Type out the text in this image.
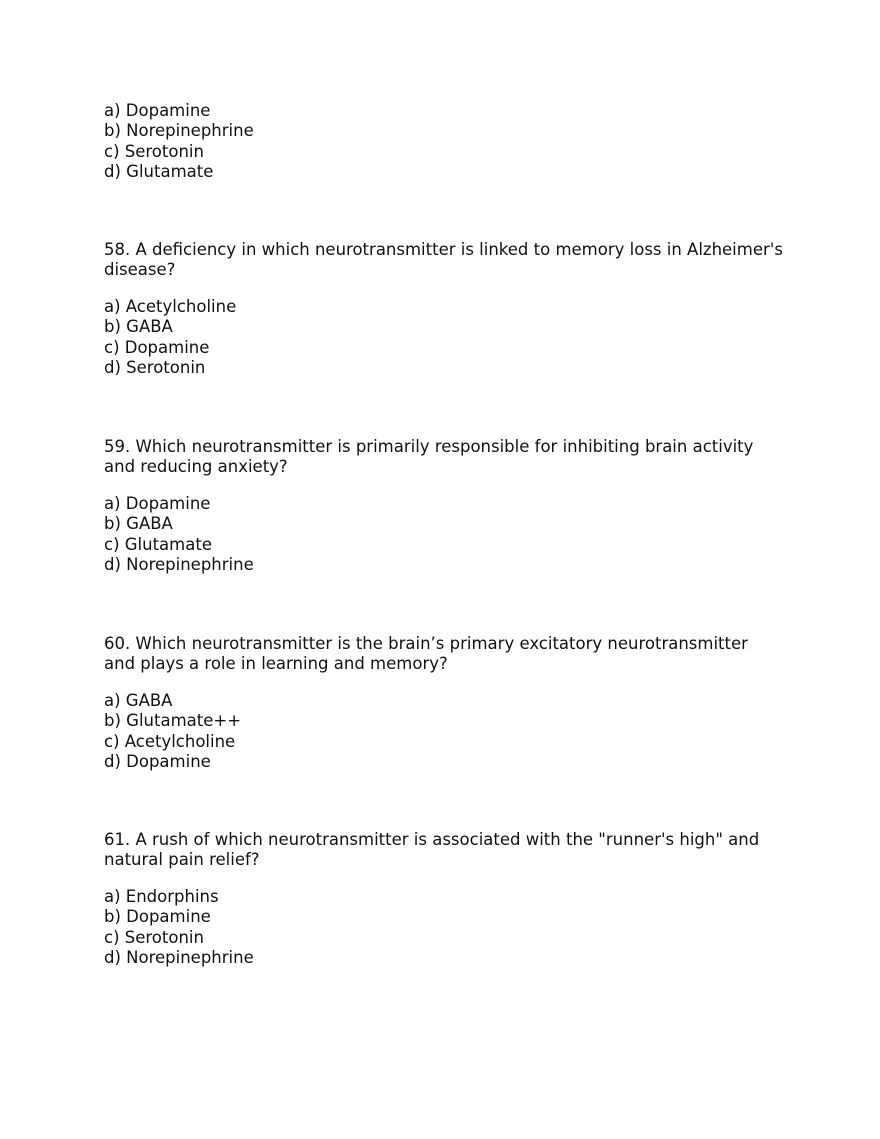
a) Dopamine
b) Norepinephrine
c) Serotonin
d) Glutamate
58. A deficiency in which neurotransmitter is linked to memory loss in Alzheimer's
disease?
a) Acetylcholine
b) GABA
c) Dopamine
d) Serotonin
59. Which neurotransmitter is primarily responsible for inhibiting brain activity
and reducing anxiety?
a) Dopamine
b) GABA
c) Glutamate
d) Norepinephrine
60. Which neurotransmitter is the brain’s primary excitatory neurotransmitter
and plays a role in learning and memory?
a) GABA
b) Glutamate++
c) Acetylcholine
d) Dopamine
61. A rush of which neurotransmitter is associated with the "runner's high" and
natural pain relief?
a) Endorphins
b) Dopamine
c) Serotonin
d) Norepinephrine
